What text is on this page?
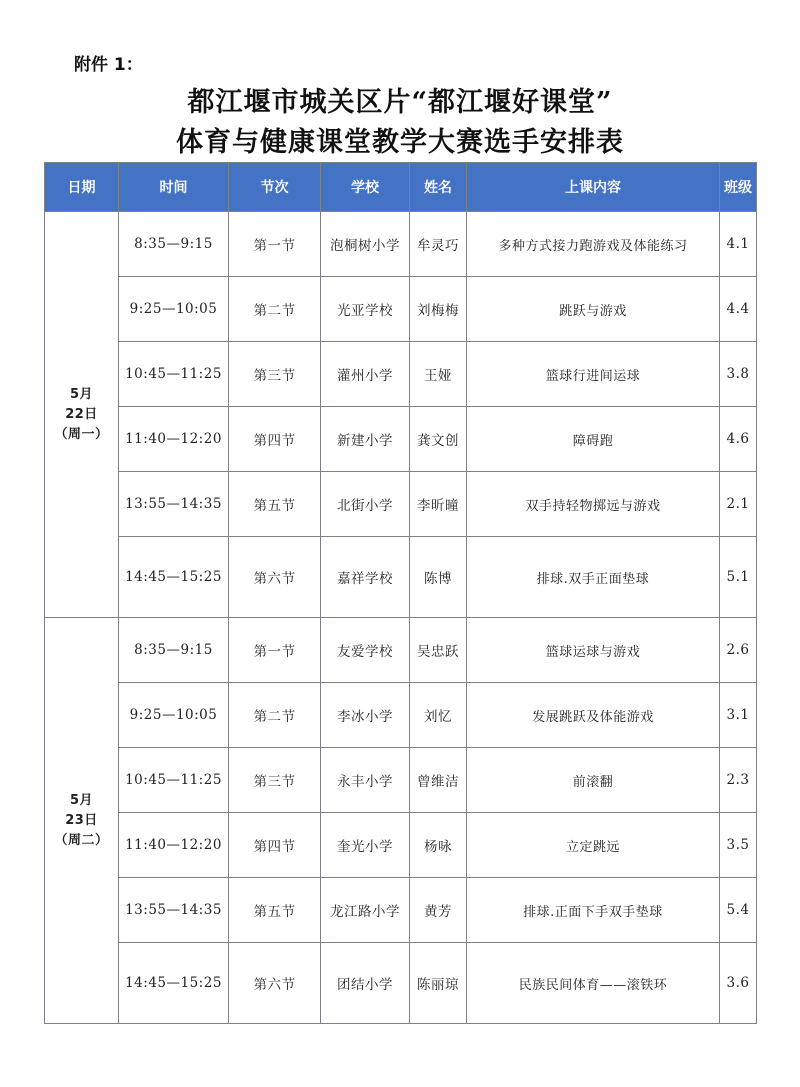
附件 1：
都江堰市城关区片“都江堰好课堂”
体育与健康课堂教学大赛选手安排表
日期	时间	节次	学校	姓名	上课内容	班级

5月
22日
（周一）	8:35—9:15	第一节	泡桐树小学	牟灵巧	多种方式接力跑游戏及体能练习	4.1
	9:25—10:05	第二节	光亚学校	刘梅梅	跳跃与游戏	4.4
	10:45—11:25	第三节	灌州小学	王娅	篮球行进间运球	3.8
	11:40—12:20	第四节	新建小学	龚文创	障碍跑	4.6
	13:55—14:35	第五节	北街小学	李昕曈	双手持轻物掷远与游戏	2.1
	14:45—15:25	第六节	嘉祥学校	陈博	排球.双手正面垫球	5.1

5月
23日
（周二）	8:35—9:15	第一节	友爱学校	吴忠跃	篮球运球与游戏	2.6
	9:25—10:05	第二节	李冰小学	刘忆	发展跳跃及体能游戏	3.1
	10:45—11:25	第三节	永丰小学	曾维洁	前滚翻	2.3
	11:40—12:20	第四节	奎光小学	杨咏	立定跳远	3.5
	13:55—14:35	第五节	龙江路小学	黄芳	排球.正面下手双手垫球	5.4
	14:45—15:25	第六节	团结小学	陈丽琼	民族民间体育——滚铁环	3.6
